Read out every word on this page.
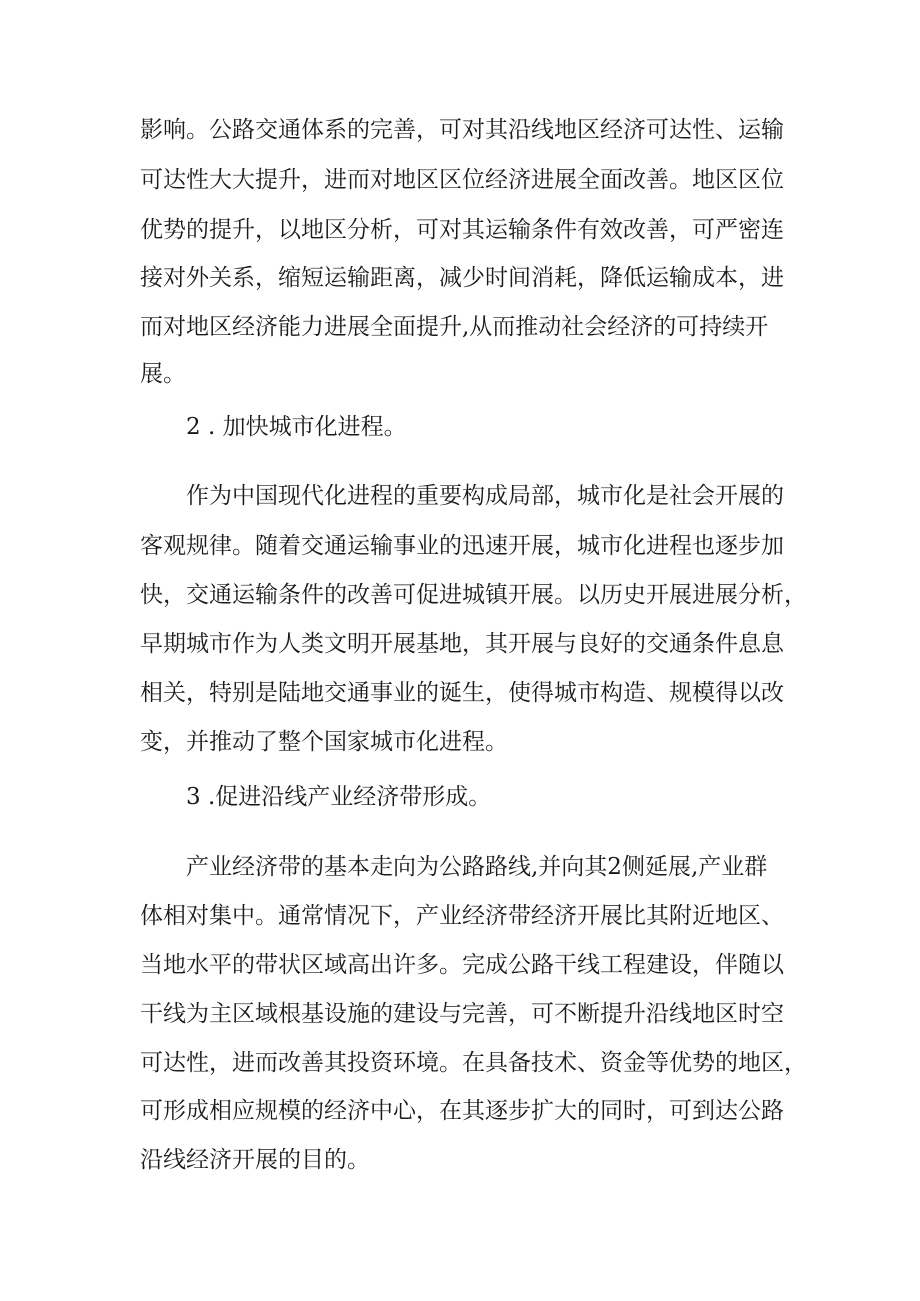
影响。公路交通体系的完善，可对其沿线地区经济可达性、运输

可达性大大提升，进而对地区区位经济进展全面改善。地区区位

优势的提升，以地区分析，可对其运输条件有效改善，可严密连

接对外关系，缩短运输距离，减少时间消耗，降低运输成本，进

而对地区经济能力进展全面提升,从而推动社会经济的可持续开

展。

2 . 加快城市化进程。

作为中国现代化进程的重要构成局部，城市化是社会开展的

客观规律。随着交通运输事业的迅速开展，城市化进程也逐步加

快，交通运输条件的改善可促进城镇开展。以历史开展进展分析，

早期城市作为人类文明开展基地，其开展与良好的交通条件息息

相关，特别是陆地交通事业的诞生，使得城市构造、规模得以改

变，并推动了整个国家城市化进程。

3 .促进沿线产业经济带形成。

产业经济带的基本走向为公路路线,并向其2侧延展,产业群

体相对集中。通常情况下，产业经济带经济开展比其附近地区、

当地水平的带状区域高出许多。完成公路干线工程建设，伴随以

干线为主区域根基设施的建设与完善，可不断提升沿线地区时空

可达性，进而改善其投资环境。在具备技术、资金等优势的地区，

可形成相应规模的经济中心，在其逐步扩大的同时，可到达公路

沿线经济开展的目的。
